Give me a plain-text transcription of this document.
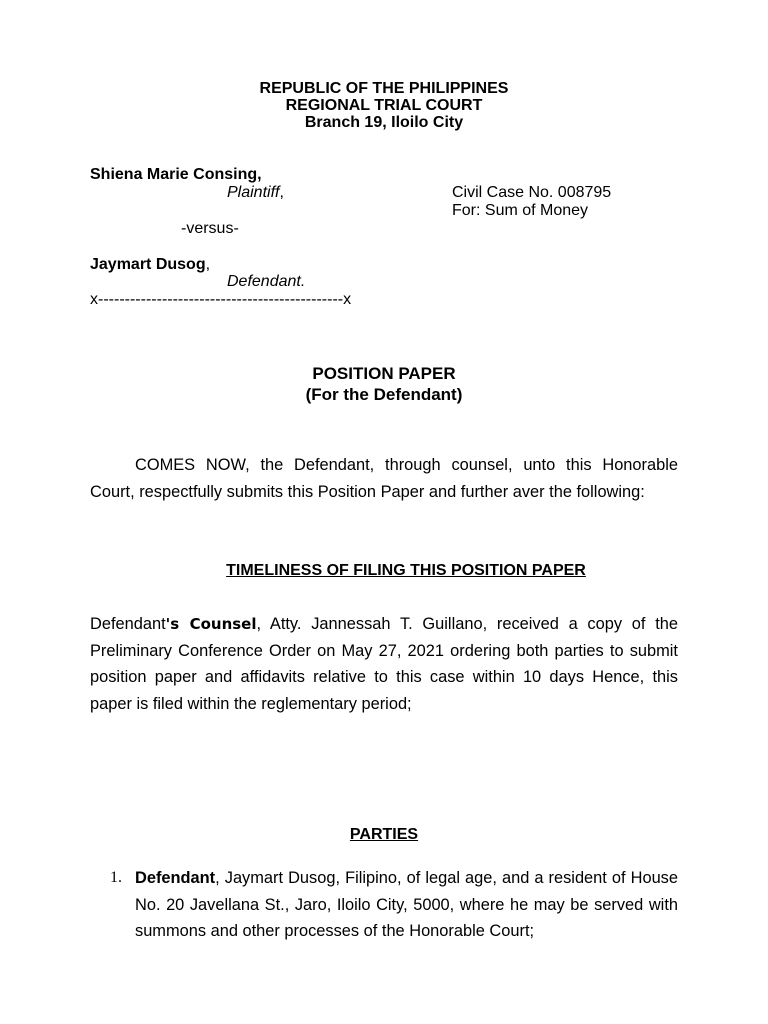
REPUBLIC OF THE PHILIPPINES
REGIONAL TRIAL COURT
Branch 19, Iloilo City
Shiena Marie Consing,
Plaintiff,	Civil Case No. 008795
For: Sum of Money
-versus-
Jaymart Dusog,
Defendant.
x----------------------------------------------x
POSITION PAPER
(For the Defendant)
COMES NOW, the Defendant, through counsel, unto this Honorable
Court, respectfully submits this Position Paper and further aver the following:
TIMELINESS OF FILING THIS POSITION PAPER
Defendant's Counsel, Atty. Jannessah T. Guillano, received a copy of the Preliminary Conference Order on May 27, 2021 ordering both parties to submit position paper and affidavits relative to this case within 10 days Hence, this paper is filed within the reglementary period;
PARTIES
1. Defendant, Jaymart Dusog, Filipino, of legal age, and a resident of House No. 20 Javellana St., Jaro, Iloilo City, 5000, where he may be served with summons and other processes of the Honorable Court;
